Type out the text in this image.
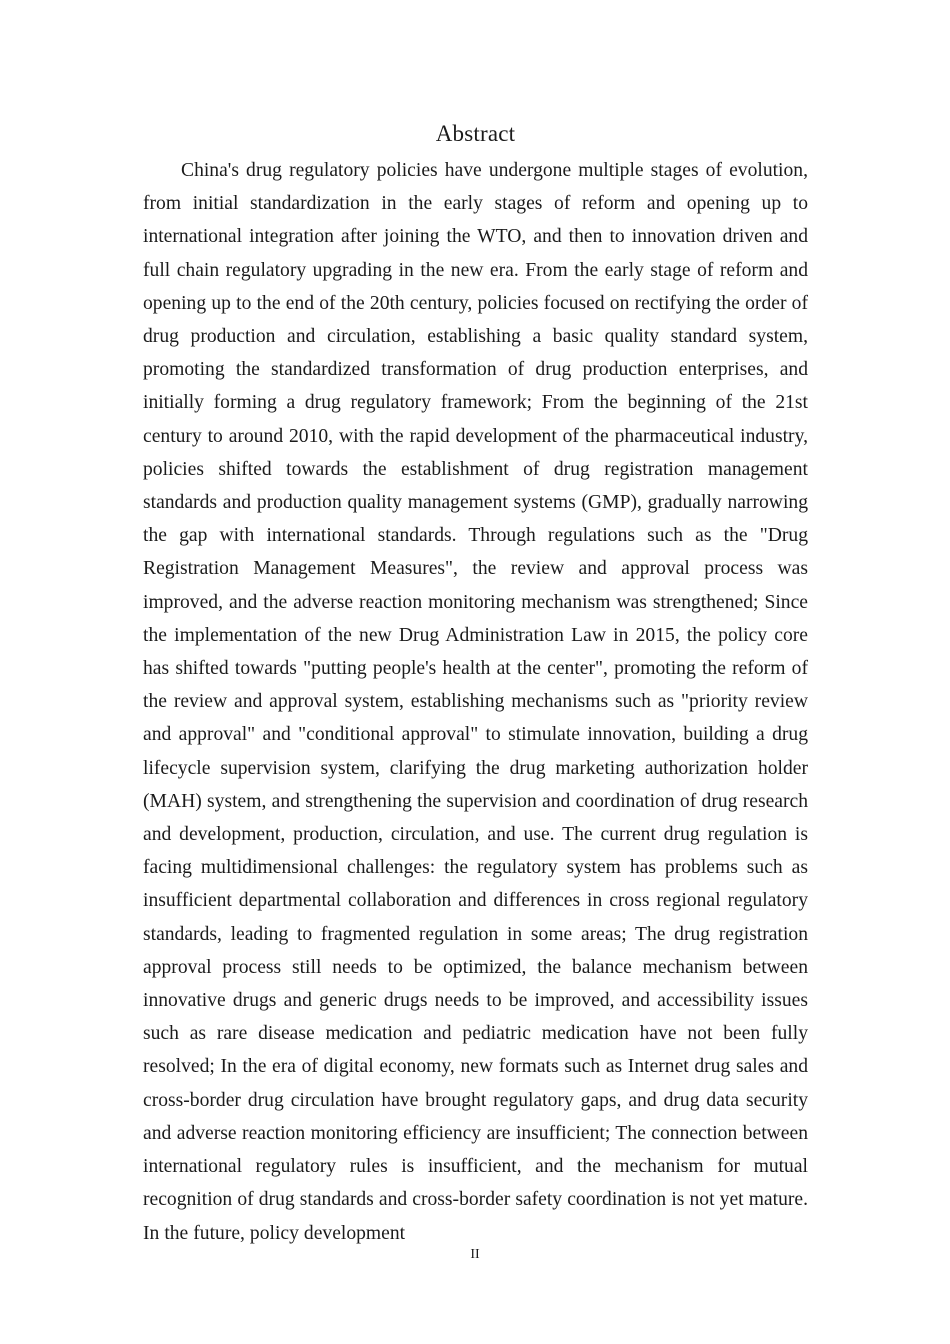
Abstract

China's drug regulatory policies have undergone multiple stages of evolution, from initial standardization in the early stages of reform and opening up to international integration after joining the WTO, and then to innovation driven and full chain regulatory upgrading in the new era. From the early stage of reform and opening up to the end of the 20th century, policies focused on rectifying the order of drug production and circulation, establishing a basic quality standard system, promoting the standardized transformation of drug production enterprises, and initially forming a drug regulatory framework; From the beginning of the 21st century to around 2010, with the rapid development of the pharmaceutical industry, policies shifted towards the establishment of drug registration management standards and production quality management systems (GMP), gradually narrowing the gap with international standards. Through regulations such as the "Drug Registration Management Measures", the review and approval process was improved, and the adverse reaction monitoring mechanism was strengthened; Since the implementation of the new Drug Administration Law in 2015, the policy core has shifted towards "putting people's health at the center", promoting the reform of the review and approval system, establishing mechanisms such as "priority review and approval" and "conditional approval" to stimulate innovation, building a drug lifecycle supervision system, clarifying the drug marketing authorization holder (MAH) system, and strengthening the supervision and coordination of drug research and development, production, circulation, and use. The current drug regulation is facing multidimensional challenges: the regulatory system has problems such as insufficient departmental collaboration and differences in cross regional regulatory standards, leading to fragmented regulation in some areas; The drug registration approval process still needs to be optimized, the balance mechanism between innovative drugs and generic drugs needs to be improved, and accessibility issues such as rare disease medication and pediatric medication have not been fully resolved; In the era of digital economy, new formats such as Internet drug sales and cross-border drug circulation have brought regulatory gaps, and drug data security and adverse reaction monitoring efficiency are insufficient; The connection between international regulatory rules is insufficient, and the mechanism for mutual recognition of drug standards and cross-border safety coordination is not yet mature. In the future, policy development

II
